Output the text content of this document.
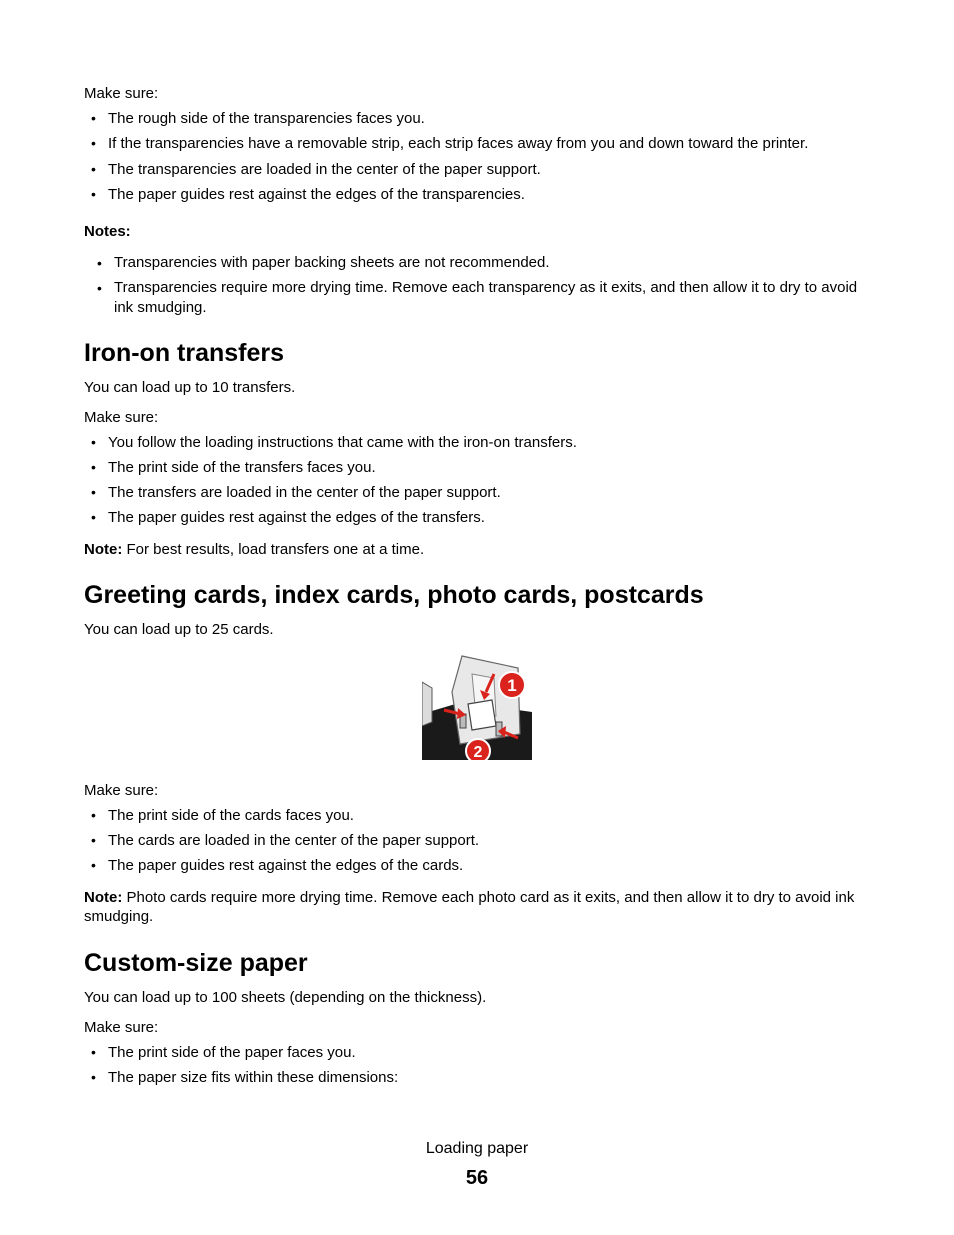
Make sure:

• The rough side of the transparencies faces you.

• If the transparencies have a removable strip, each strip faces away from you and down toward the printer.

• The transparencies are loaded in the center of the paper support.

• The paper guides rest against the edges of the transparencies.

Notes:

• Transparencies with paper backing sheets are not recommended.

• Transparencies require more drying time. Remove each transparency as it exits, and then allow it to dry to avoid

ink smudging.

Iron-on transfers

You can load up to 10 transfers.

Make sure:

• You follow the loading instructions that came with the iron-on transfers.

• The print side of the transfers faces you.

• The transfers are loaded in the center of the paper support.

• The paper guides rest against the edges of the transfers.

Note: For best results, load transfers one at a time.

Greeting cards, index cards, photo cards, postcards

You can load up to 25 cards.

1
2

Make sure:

• The print side of the cards faces you.

• The cards are loaded in the center of the paper support.

• The paper guides rest against the edges of the cards.

Note: Photo cards require more drying time. Remove each photo card as it exits, and then allow it to dry to avoid ink

smudging.

Custom-size paper

You can load up to 100 sheets (depending on the thickness).

Make sure:

• The print side of the paper faces you.

• The paper size fits within these dimensions:

Loading paper

56
